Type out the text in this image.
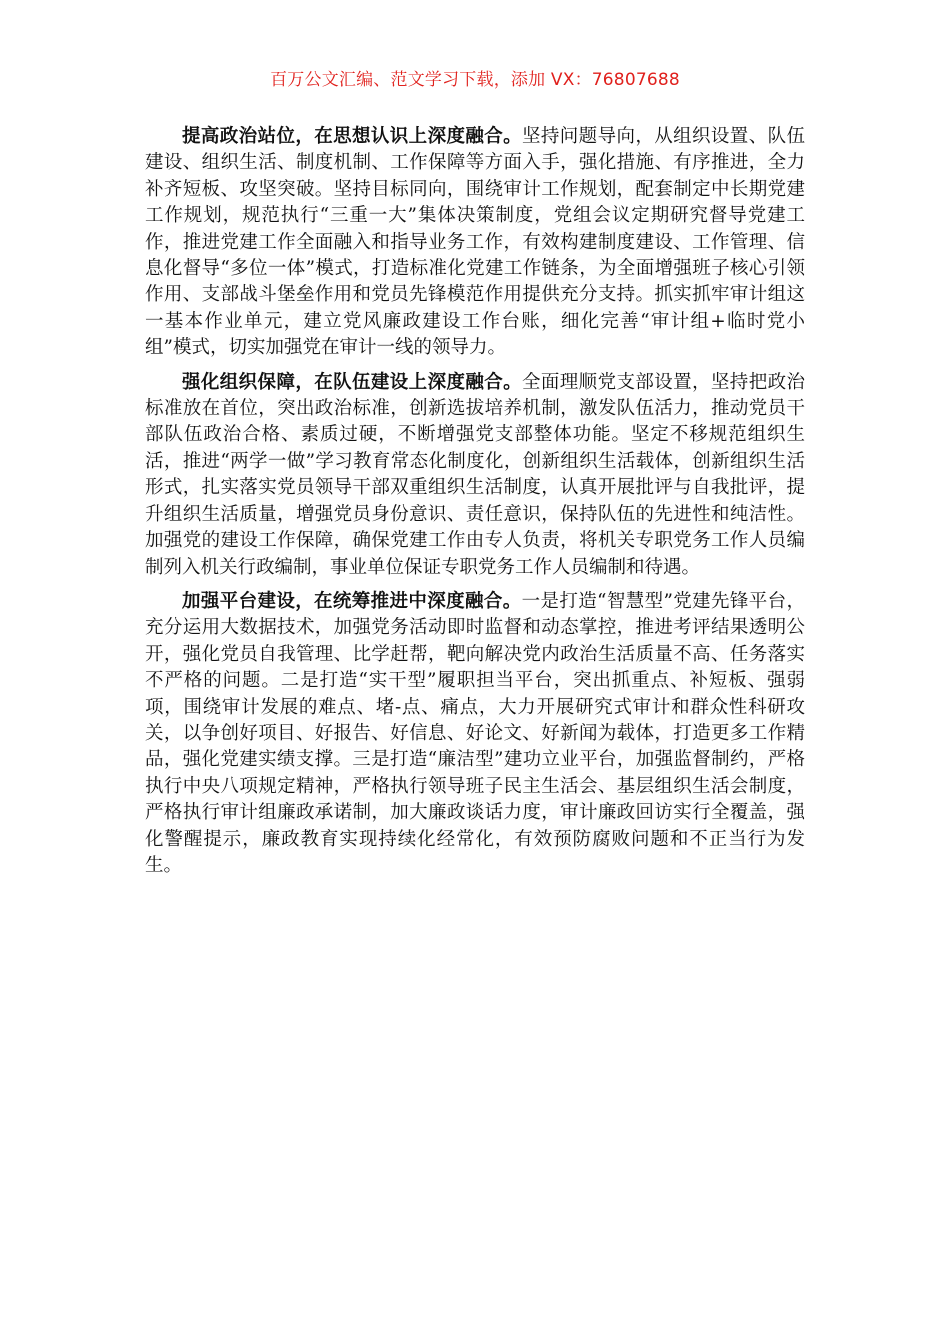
百万公文汇编、范文学习下载，添加 VX：76807688

提高政治站位，在思想认识上深度融合。坚持问题导向，从组织设置、队伍建设、组织生活、制度机制、工作保障等方面入手，强化措施、有序推进，全力补齐短板、攻坚突破。坚持目标同向，围绕审计工作规划，配套制定中长期党建工作规划，规范执行“三重一大”集体决策制度，党组会议定期研究督导党建工作，推进党建工作全面融入和指导业务工作，有效构建制度建设、工作管理、信息化督导“多位一体”模式，打造标准化党建工作链条，为全面增强班子核心引领作用、支部战斗堡垒作用和党员先锋模范作用提供充分支持。抓实抓牢审计组这一基本作业单元，建立党风廉政建设工作台账，细化完善“审计组+临时党小组”模式，切实加强党在审计一线的领导力。

强化组织保障，在队伍建设上深度融合。全面理顺党支部设置，坚持把政治标准放在首位，突出政治标准，创新选拔培养机制，激发队伍活力，推动党员干部队伍政治合格、素质过硬，不断增强党支部整体功能。坚定不移规范组织生活，推进“两学一做”学习教育常态化制度化，创新组织生活载体，创新组织生活形式，扎实落实党员领导干部双重组织生活制度，认真开展批评与自我批评，提升组织生活质量，增强党员身份意识、责任意识，保持队伍的先进性和纯洁性。加强党的建设工作保障，确保党建工作由专人负责，将机关专职党务工作人员编制列入机关行政编制，事业单位保证专职党务工作人员编制和待遇。

加强平台建设，在统筹推进中深度融合。一是打造“智慧型”党建先锋平台，充分运用大数据技术，加强党务活动即时监督和动态掌控，推进考评结果透明公开，强化党员自我管理、比学赶帮，靶向解决党内政治生活质量不高、任务落实不严格的问题。二是打造“实干型”履职担当平台，突出抓重点、补短板、强弱项，围绕审计发展的难点、堵-点、痛点，大力开展研究式审计和群众性科研攻关，以争创好项目、好报告、好信息、好论文、好新闻为载体，打造更多工作精品，强化党建实绩支撑。三是打造“廉洁型”建功立业平台，加强监督制约，严格执行中央八项规定精神，严格执行领导班子民主生活会、基层组织生活会制度，严格执行审计组廉政承诺制，加大廉政谈话力度，审计廉政回访实行全覆盖，强化警醒提示，廉政教育实现持续化经常化，有效预防腐败问题和不正当行为发生。
